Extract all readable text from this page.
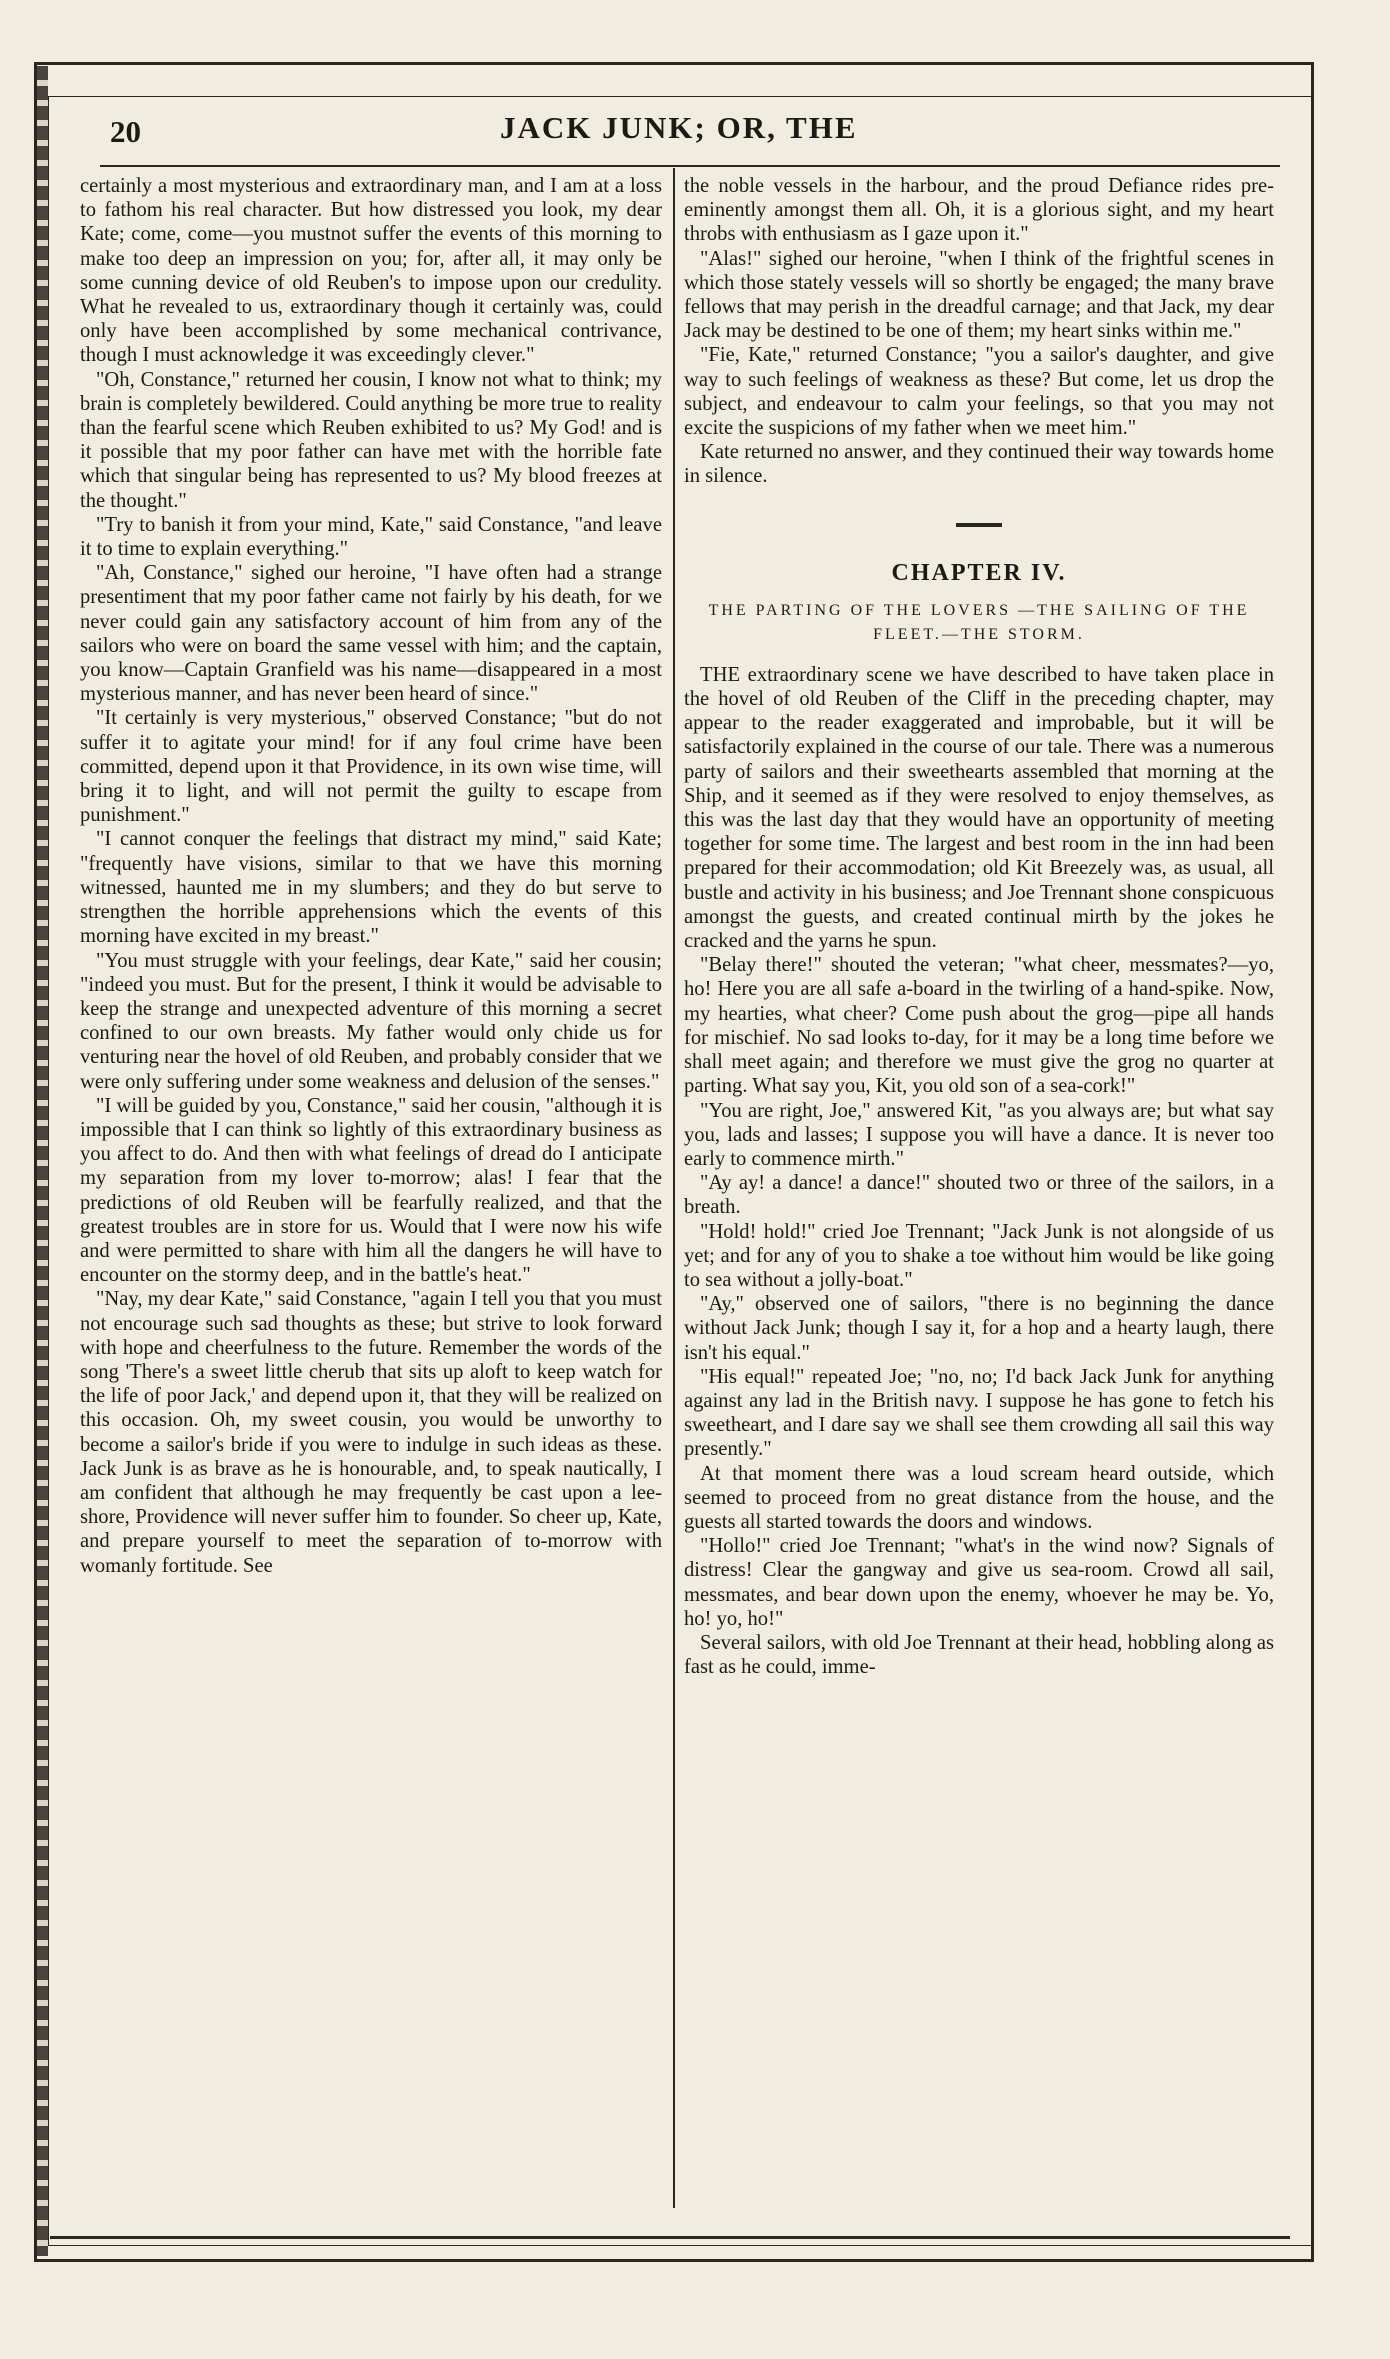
20	JACK JUNK; OR, THE

certainly a most mysterious and extraordinary man, and I am at a loss to fathom his real character. But how distressed you look, my dear Kate; come, come—you mustnot suffer the events of this morning to make too deep an impression on you; for, after all, it may only be some cunning device of old Reuben's to impose upon our credulity. What he revealed to us, extraordinary though it certainly was, could only have been accomplished by some mechanical contrivance, though I must acknowledge it was exceedingly clever."

"Oh, Constance," returned her cousin, I know not what to think; my brain is completely bewildered. Could anything be more true to reality than the fearful scene which Reuben exhibited to us? My God! and is it possible that my poor father can have met with the horrible fate which that singular being has represented to us? My blood freezes at the thought."

"Try to banish it from your mind, Kate," said Constance, "and leave it to time to explain everything."

"Ah, Constance," sighed our heroine, "I have often had a strange presentiment that my poor father came not fairly by his death, for we never could gain any satisfactory account of him from any of the sailors who were on board the same vessel with him; and the captain, you know—Captain Granfield was his name—disappeared in a most mysterious manner, and has never been heard of since."

"It certainly is very mysterious," observed Constance; "but do not suffer it to agitate your mind! for if any foul crime have been committed, depend upon it that Providence, in its own wise time, will bring it to light, and will not permit the guilty to escape from punishment."

"I cannot conquer the feelings that distract my mind," said Kate; "frequently have visions, similar to that we have this morning witnessed, haunted me in my slumbers; and they do but serve to strengthen the horrible apprehensions which the events of this morning have excited in my breast."

"You must struggle with your feelings, dear Kate," said her cousin; "indeed you must. But for the present, I think it would be advisable to keep the strange and unexpected adventure of this morning a secret confined to our own breasts. My father would only chide us for venturing near the hovel of old Reuben, and probably consider that we were only suffering under some weakness and delusion of the senses."

"I will be guided by you, Constance," said her cousin, "although it is impossible that I can think so lightly of this extraordinary business as you affect to do. And then with what feelings of dread do I anticipate my separation from my lover to-morrow; alas! I fear that the predictions of old Reuben will be fearfully realized, and that the greatest troubles are in store for us. Would that I were now his wife and were permitted to share with him all the dangers he will have to encounter on the stormy deep, and in the battle's heat."

"Nay, my dear Kate," said Constance, "again I tell you that you must not encourage such sad thoughts as these; but strive to look forward with hope and cheerfulness to the future. Remember the words of the song 'There's a sweet little cherub that sits up aloft to keep watch for the life of poor Jack,' and depend upon it, that they will be realized on this occasion. Oh, my sweet cousin, you would be unworthy to become a sailor's bride if you were to indulge in such ideas as these. Jack Junk is as brave as he is honourable, and, to speak nautically, I am confident that although he may frequently be cast upon a lee-shore, Providence will never suffer him to founder. So cheer up, Kate, and prepare yourself to meet the separation of to-morrow with womanly fortitude. See

the noble vessels in the harbour, and the proud Defiance rides pre-eminently amongst them all. Oh, it is a glorious sight, and my heart throbs with enthusiasm as I gaze upon it."

"Alas!" sighed our heroine, "when I think of the frightful scenes in which those stately vessels will so shortly be engaged; the many brave fellows that may perish in the dreadful carnage; and that Jack, my dear Jack may be destined to be one of them; my heart sinks within me."

"Fie, Kate," returned Constance; "you a sailor's daughter, and give way to such feelings of weakness as these? But come, let us drop the subject, and endeavour to calm your feelings, so that you may not excite the suspicions of my father when we meet him."

Kate returned no answer, and they continued their way towards home in silence.

CHAPTER IV.
THE PARTING OF THE LOVERS —THE SAILING OF THE FLEET.—THE STORM.

THE extraordinary scene we have described to have taken place in the hovel of old Reuben of the Cliff in the preceding chapter, may appear to the reader exaggerated and improbable, but it will be satisfactorily explained in the course of our tale. There was a numerous party of sailors and their sweethearts assembled that morning at the Ship, and it seemed as if they were resolved to enjoy themselves, as this was the last day that they would have an opportunity of meeting together for some time. The largest and best room in the inn had been prepared for their accommodation; old Kit Breezely was, as usual, all bustle and activity in his business; and Joe Trennant shone conspicuous amongst the guests, and created continual mirth by the jokes he cracked and the yarns he spun.

"Belay there!" shouted the veteran; "what cheer, messmates?—yo, ho! Here you are all safe a-board in the twirling of a hand-spike. Now, my hearties, what cheer? Come push about the grog—pipe all hands for mischief. No sad looks to-day, for it may be a long time before we shall meet again; and therefore we must give the grog no quarter at parting. What say you, Kit, you old son of a sea-cork!"

"You are right, Joe," answered Kit, "as you always are; but what say you, lads and lasses; I suppose you will have a dance. It is never too early to commence mirth."

"Ay ay! a dance! a dance!" shouted two or three of the sailors, in a breath.

"Hold! hold!" cried Joe Trennant; "Jack Junk is not alongside of us yet; and for any of you to shake a toe without him would be like going to sea without a jolly-boat."

"Ay," observed one of sailors, "there is no beginning the dance without Jack Junk; though I say it, for a hop and a hearty laugh, there isn't his equal."

"His equal!" repeated Joe; "no, no; I'd back Jack Junk for anything against any lad in the British navy. I suppose he has gone to fetch his sweetheart, and I dare say we shall see them crowding all sail this way presently."

At that moment there was a loud scream heard outside, which seemed to proceed from no great distance from the house, and the guests all started towards the doors and windows.

"Hollo!" cried Joe Trennant; "what's in the wind now? Signals of distress! Clear the gangway and give us sea-room. Crowd all sail, messmates, and bear down upon the enemy, whoever he may be. Yo, ho! yo, ho!"

Several sailors, with old Joe Trennant at their head, hobbling along as fast as he could, imme-
